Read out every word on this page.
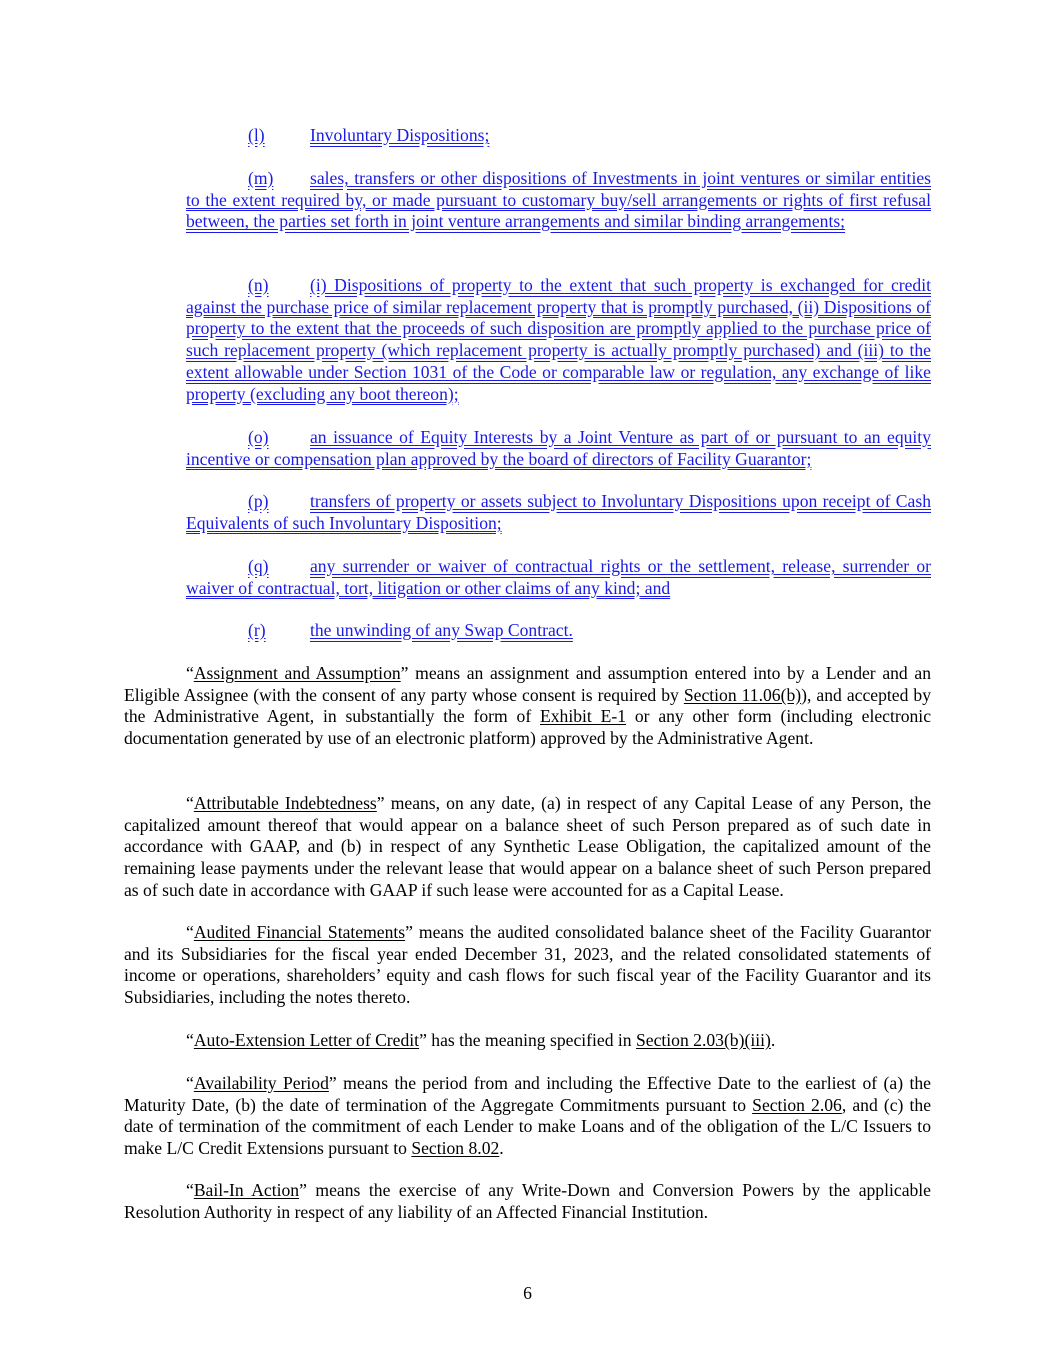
(l)	Involuntary Dispositions;
(m) sales, transfers or other dispositions of Investments in joint ventures or similar entities to the extent required by, or made pursuant to customary buy/sell arrangements or rights of first refusal between, the parties set forth in joint venture arrangements and similar binding arrangements;
(n) (i) Dispositions of property to the extent that such property is exchanged for credit against the purchase price of similar replacement property that is promptly purchased, (ii) Dispositions of property to the extent that the proceeds of such disposition are promptly applied to the purchase price of such replacement property (which replacement property is actually promptly purchased) and (iii) to the extent allowable under Section 1031 of the Code or comparable law or regulation, any exchange of like property (excluding any boot thereon);
(o) an issuance of Equity Interests by a Joint Venture as part of or pursuant to an equity incentive or compensation plan approved by the board of directors of Facility Guarantor;
(p) transfers of property or assets subject to Involuntary Dispositions upon receipt of Cash Equivalents of such Involuntary Disposition;
(q) any surrender or waiver of contractual rights or the settlement, release, surrender or waiver of contractual, tort, litigation or other claims of any kind; and
(r)	the unwinding of any Swap Contract.
“Assignment and Assumption” means an assignment and assumption entered into by a Lender and an Eligible Assignee (with the consent of any party whose consent is required by Section 11.06(b)), and accepted by the Administrative Agent, in substantially the form of Exhibit E-1 or any other form (including electronic documentation generated by use of an electronic platform) approved by the Administrative Agent.
“Attributable Indebtedness” means, on any date, (a) in respect of any Capital Lease of any Person, the capitalized amount thereof that would appear on a balance sheet of such Person prepared as of such date in accordance with GAAP, and (b) in respect of any Synthetic Lease Obligation, the capitalized amount of the remaining lease payments under the relevant lease that would appear on a balance sheet of such Person prepared as of such date in accordance with GAAP if such lease were accounted for as a Capital Lease.
“Audited Financial Statements” means the audited consolidated balance sheet of the Facility Guarantor and its Subsidiaries for the fiscal year ended December 31, 2023, and the related consolidated statements of income or operations, shareholders’ equity and cash flows for such fiscal year of the Facility Guarantor and its Subsidiaries, including the notes thereto.
“Auto-Extension Letter of Credit” has the meaning specified in Section 2.03(b)(iii).
“Availability Period” means the period from and including the Effective Date to the earliest of (a) the Maturity Date, (b) the date of termination of the Aggregate Commitments pursuant to Section 2.06, and (c) the date of termination of the commitment of each Lender to make Loans and of the obligation of the L/C Issuers to make L/C Credit Extensions pursuant to Section 8.02.
“Bail-In Action” means the exercise of any Write-Down and Conversion Powers by the applicable Resolution Authority in respect of any liability of an Affected Financial Institution.
6
